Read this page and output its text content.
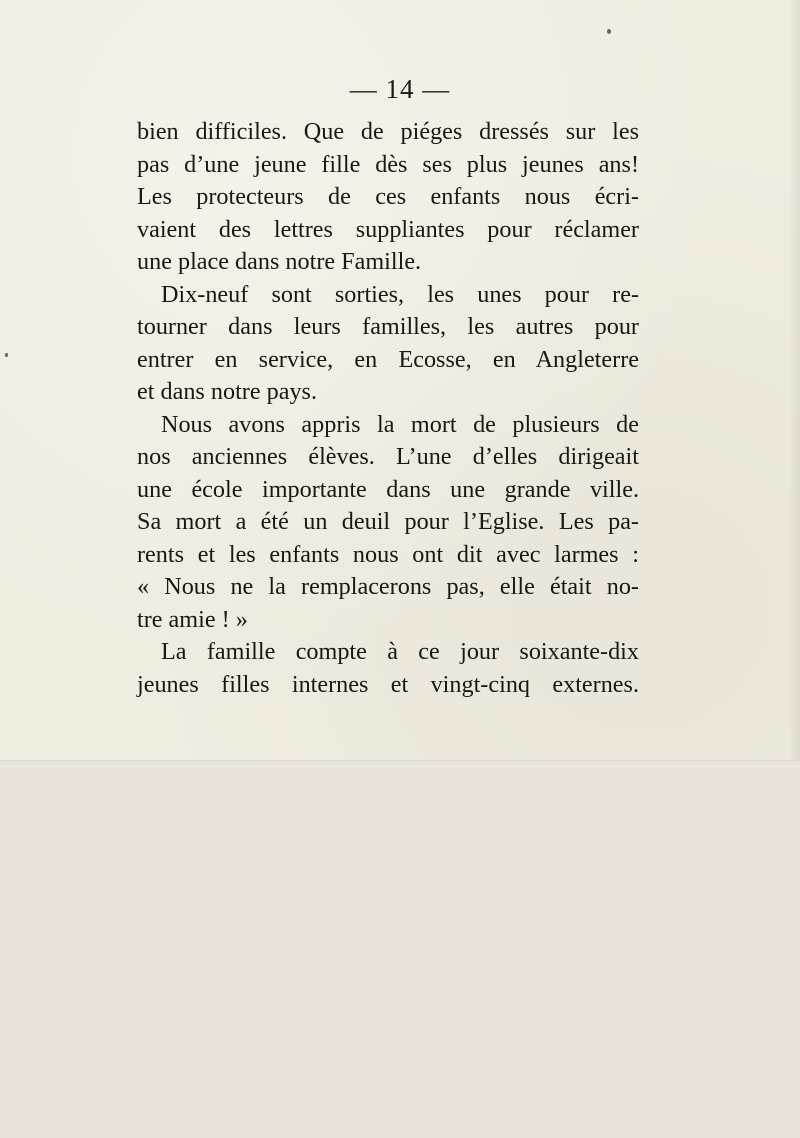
— 14 —
bien difficiles. Que de piéges dressés sur les
pas d’une jeune fille dès ses plus jeunes ans!
Les protecteurs de ces enfants nous écri-
vaient des lettres suppliantes pour réclamer
une place dans notre Famille.
Dix-neuf sont sorties, les unes pour re-
tourner dans leurs familles, les autres pour
entrer en service, en Ecosse, en Angleterre
et dans notre pays.
Nous avons appris la mort de plusieurs de
nos anciennes élèves. L’une d’elles dirigeait
une école importante dans une grande ville.
Sa mort a été un deuil pour l’Eglise. Les pa-
rents et les enfants nous ont dit avec larmes :
« Nous ne la remplacerons pas, elle était no-
tre amie ! »
La famille compte à ce jour soixante-dix
jeunes filles internes et vingt-cinq externes.
